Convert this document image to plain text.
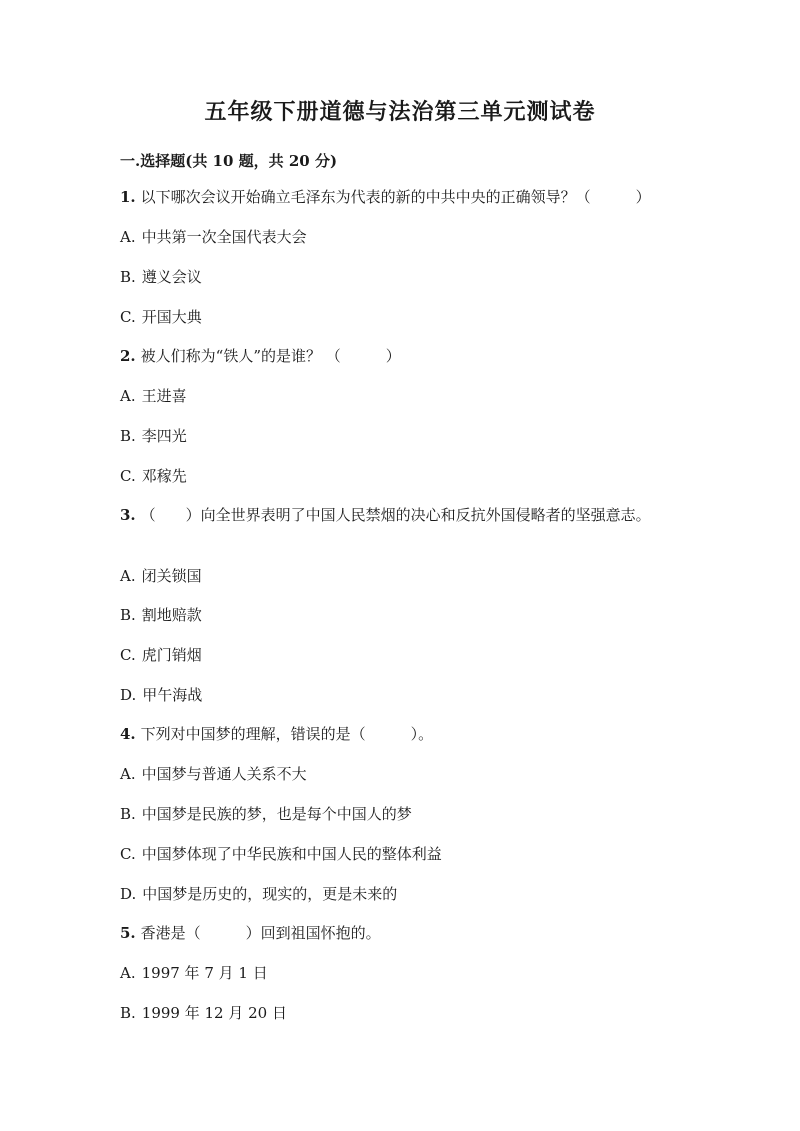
五年级下册道德与法治第三单元测试卷
一.选择题(共 10 题，共 20 分)
1. 以下哪次会议开始确立毛泽东为代表的新的中共中央的正确领导？（　　　）
A. 中共第一次全国代表大会
B. 遵义会议
C. 开国大典
2. 被人们称为“铁人”的是谁？ （　　　）
A. 王进喜
B. 李四光
C. 邓稼先
3. （　　）向全世界表明了中国人民禁烟的决心和反抗外国侵略者的坚强意志。
A. 闭关锁国
B. 割地赔款
C. 虎门销烟
D. 甲午海战
4. 下列对中国梦的理解，错误的是（　　　）。
A. 中国梦与普通人关系不大
B. 中国梦是民族的梦，也是每个中国人的梦
C. 中国梦体现了中华民族和中国人民的整体利益
D. 中国梦是历史的，现实的，更是未来的
5. 香港是（　　　）回到祖国怀抱的。
A. 1997 年 7 月 1 日
B. 1999 年 12 月 20 日
